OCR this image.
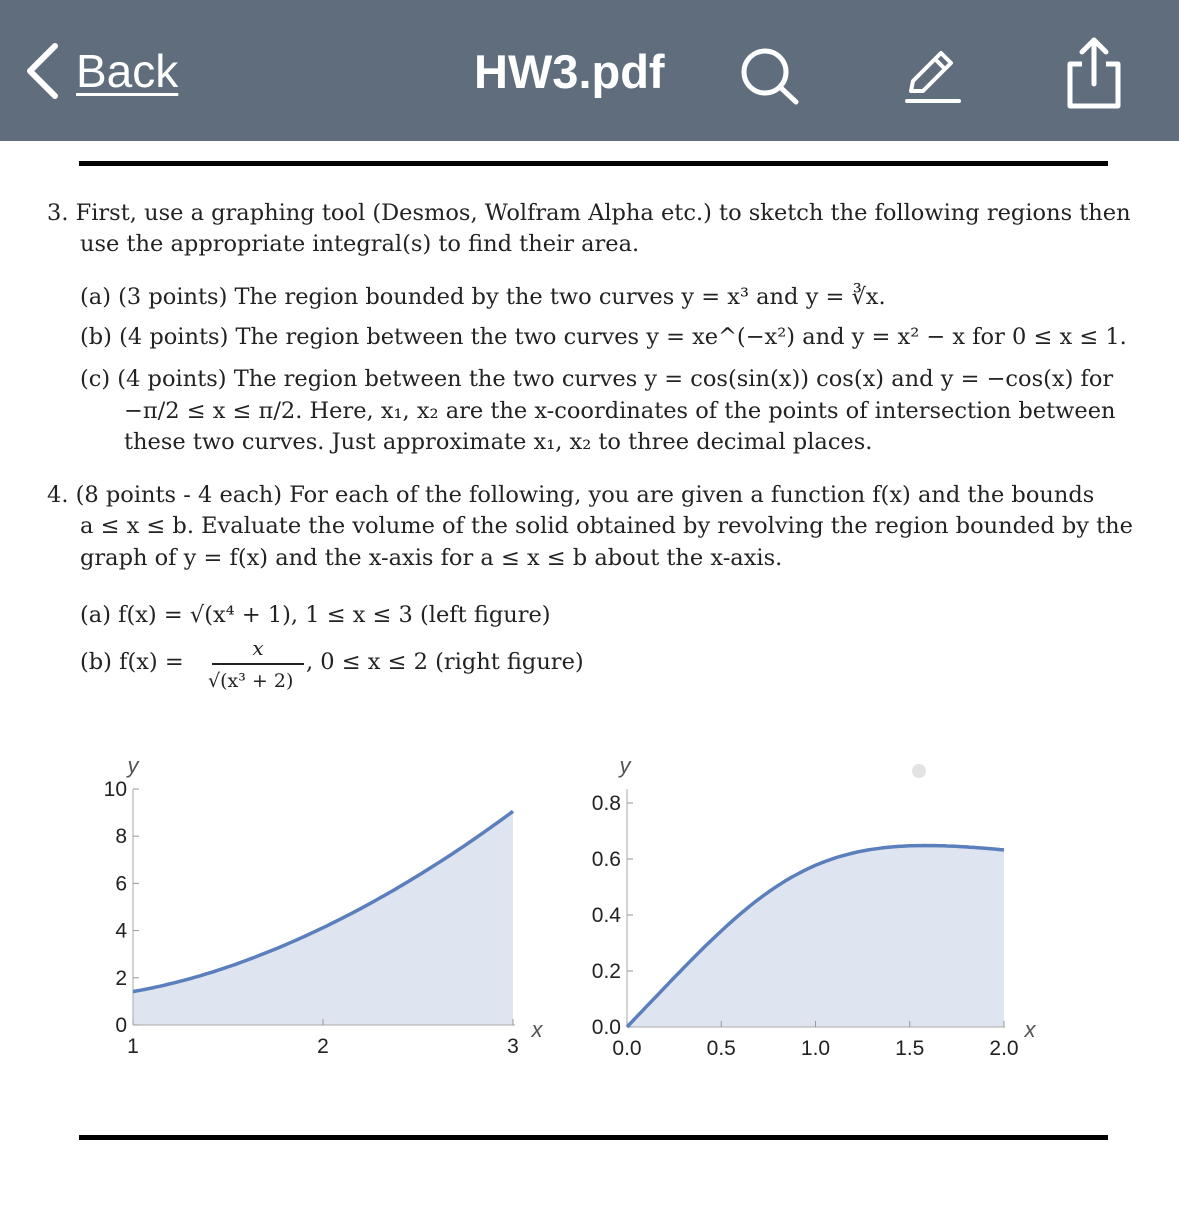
Back	HW3.pdf
3. First, use a graphing tool (Desmos, Wolfram Alpha etc.) to sketch the following regions then
use the appropriate integral(s) to find their area.
(a) (3 points) The region bounded by the two curves y = x³ and y = ∛x.
(b) (4 points) The region between the two curves y = xe^(−x²) and y = x² − x for 0 ≤ x ≤ 1.
(c) (4 points) The region between the two curves y = cos(sin(x)) cos(x) and y = −cos(x) for
−π/2 ≤ x ≤ π/2. Here, x₁, x₂ are the x-coordinates of the points of intersection between
these two curves. Just approximate x₁, x₂ to three decimal places.
4. (8 points - 4 each) For each of the following, you are given a function f(x) and the bounds
a ≤ x ≤ b. Evaluate the volume of the solid obtained by revolving the region bounded by the
graph of y = f(x) and the x-axis for a ≤ x ≤ b about the x-axis.
(a) f(x) = √(x⁴ + 1), 1 ≤ x ≤ 3 (left figure)
(b) f(x) =
x
√(x³ + 2)
, 0 ≤ x ≤ 2 (right figure)
1	2	3
0
2
4
6
8
10
y
x
0.0	0.5	1.0	1.5	2.0
0.0
0.2
0.4
0.6
0.8
y
x
